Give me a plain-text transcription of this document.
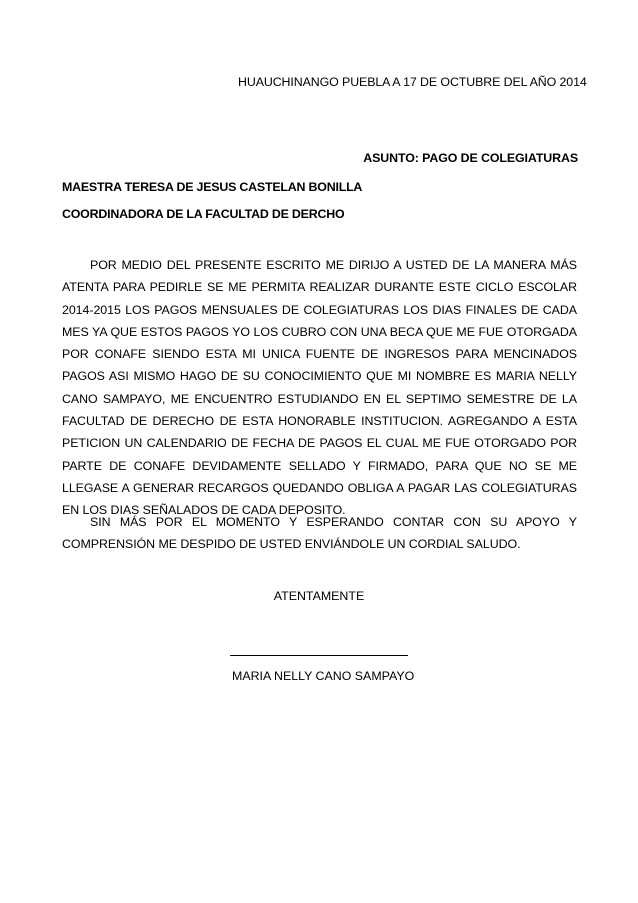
HUAUCHINANGO PUEBLA A 17 DE OCTUBRE DEL AÑO 2014
ASUNTO: PAGO DE COLEGIATURAS
MAESTRA TERESA DE JESUS CASTELAN BONILLA
COORDINADORA DE LA FACULTAD DE DERCHO
POR MEDIO DEL PRESENTE ESCRITO ME DIRIJO A USTED DE LA MANERA MÁS ATENTA PARA PEDIRLE SE ME PERMITA REALIZAR DURANTE ESTE CICLO ESCOLAR 2014-2015 LOS PAGOS MENSUALES DE COLEGIATURAS LOS DIAS FINALES DE CADA MES YA QUE ESTOS PAGOS YO LOS CUBRO CON UNA BECA QUE ME FUE OTORGADA POR CONAFE SIENDO ESTA MI UNICA FUENTE DE INGRESOS PARA MENCINADOS PAGOS ASI MISMO HAGO DE SU CONOCIMIENTO QUE MI NOMBRE ES MARIA NELLY CANO SAMPAYO, ME ENCUENTRO ESTUDIANDO EN EL SEPTIMO SEMESTRE DE LA FACULTAD DE DERECHO DE ESTA HONORABLE INSTITUCION. AGREGANDO A ESTA PETICION UN CALENDARIO DE FECHA DE PAGOS EL CUAL ME FUE OTORGADO POR PARTE DE CONAFE DEVIDAMENTE SELLADO Y FIRMADO, PARA QUE NO SE ME LLEGASE A GENERAR RECARGOS QUEDANDO OBLIGA A PAGAR LAS COLEGIATURAS EN LOS DIAS SEÑALADOS DE CADA DEPOSITO.
SIN MÁS POR EL MOMENTO Y ESPERANDO CONTAR CON SU APOYO Y COMPRENSIÓN ME DESPIDO DE USTED ENVIÁNDOLE UN CORDIAL SALUDO.
ATENTAMENTE
MARIA NELLY CANO SAMPAYO
